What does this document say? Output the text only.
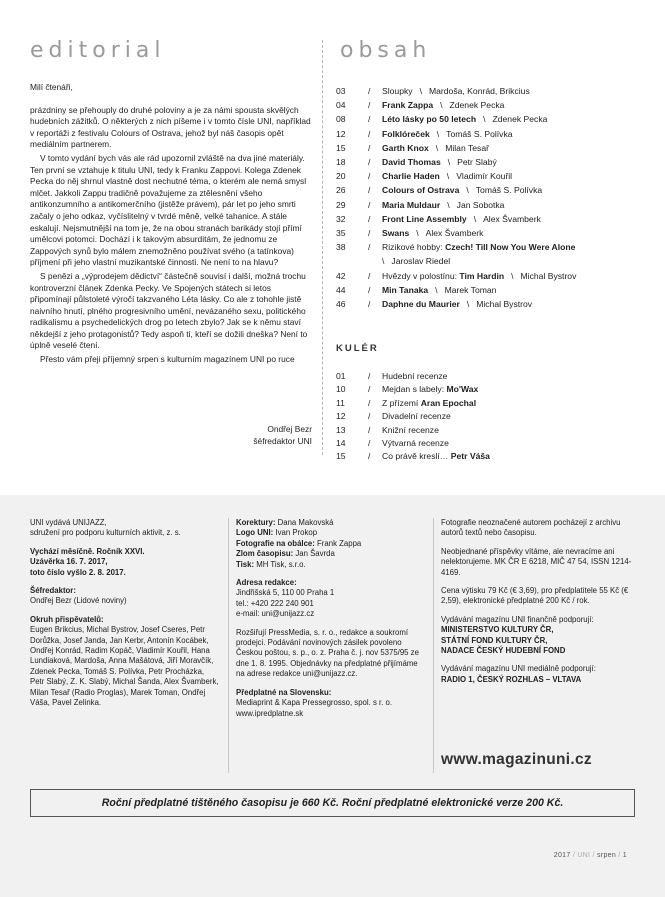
editorial	obsah

Milí čtenáři,

prázdniny se přehouply do druhé poloviny a je za námi spousta skvělých hudebních zážitků. O některých z nich píšeme i v tomto čísle UNI, například v reportáži z festivalu Colours of Ostrava, jehož byl náš časopis opět mediálním partnerem.

V tomto vydání bych vás ale rád upozornil zvláště na dva jiné materiály. Ten první se vztahuje k titulu UNI, tedy k Franku Zappovi. Kolega Zdenek Pecka do něj shrnul vlastně dost nechutné téma, o kterém ale nemá smysl mlčet. Jakkoli Zappu tradičně považujeme za ztělesnění všeho antikonzumního a antikomerčního (jistěže právem), pár let po jeho smrti začaly o jeho odkaz, vyčíslitelný v tvrdé měně, velké tahanice. A stále eskalují. Nejsmutnější na tom je, že na obou stranách barikády stojí přímí umělcovi potomci. Dochází i k takovým absurditám, že jednomu ze Zappových synů bylo málem znemožněno používat svého (a tatínkova) příjmení při jeho vlastní muzikantské činnosti. Ne není to na hlavu?

S penězi a „výprodejem dědictví“ částečně souvisí i další, možná trochu kontroverzní článek Zdenka Pecky. Ve Spojených státech si letos připomínají půlstoleté výročí takzvaného Léta lásky. Co ale z tohohle jistě naivního hnutí, plného progresivního umění, nevázaného sexu, politického radikalismu a psychedelických drog po letech zbylo? Jak se k němu staví někdejší z jeho protagonistů? Tedy aspoň ti, kteří se dožili dneška? Není to úplně veselé čtení.

Přesto vám přeji příjemný srpen s kulturním magazínem UNI po ruce

Ondřej Bezr
šéfredaktor UNI
03	/	Sloupky \ Mardoša, Konrád, Brikcius
04	/	Frank Zappa \ Zdenek Pecka
08	/	Léto lásky po 50 letech \ Zdenek Pecka
12	/	Folklóreček \ Tomáš S. Polívka
15	/	Garth Knox \ Milan Tesař
18	/	David Thomas \ Petr Slabý
20	/	Charlie Haden \ Vladimír Kouřil
26	/	Colours of Ostrava \ Tomáš S. Polívka
29	/	Maria Muldaur \ Jan Sobotka
32	/	Front Line Assembly \ Alex Švamberk
35	/	Swans \ Alex Švamberk
38	/	Rizikové hobby:
Czech! Till Now You Were Alone
\ Jaroslav Riedel
42	/	Hvězdy v polostínu:
Tim Hardin \ Michal Bystrov
44	/	Min Tanaka \ Marek Toman
46	/	Daphne du Maurier \ Michal Bystrov
KULÉR
01	/	Hudební recenze
10	/	Mejdan s labely:
Mo'Wax
11	/	Z přízemí
Aran Epochal
12	/	Divadelní recenze
13	/	Knižní recenze
14	/	Výtvarná recenze
15	/	Co právě kreslí…
Petr Váša

UNI vydává UNIJAZZ,
sdružení pro podporu kulturních aktivit, z. s.

Vychází měsíčně. Ročník XXVI.
Uzávěrka 16. 7. 2017,
toto číslo vyšlo 2. 8. 2017.

Šéfredaktor:
Ondřej Bezr (Lidové noviny)

Okruh přispěvatelů:
Eugen Brikcius, Michal Bystrov, Josef Cseres, Petr Dorůžka, Josef Janda, Jan Kerbr, Antonín Kocábek, Ondřej Konrád, Radim Kopáč, Vladimír Kouřil, Hana Lundiaková, Mardoša, Anna Mašátová, Jiří Moravčík, Zdenek Pecka, Tomáš S. Polívka, Petr Procházka, Petr Slabý, Z. K. Slabý, Michal Šanda, Alex Švamberk, Milan Tesař (Radio Proglas), Marek Toman, Ondřej Váša, Pavel Zelinka.

Korektury: Dana Makovská
Logo UNI: Ivan Prokop
Fotografie na obálce: Frank Zappa
Zlom časopisu: Jan Šavrda
Tisk: MH Tisk, s.r.o.

Adresa redakce:
Jindřišská 5, 110 00 Praha 1
tel.: +420 222 240 901
e-mail: uni@unijazz.cz

Rozšiřují PressMedia, s. r. o., redakce a soukromí prodejci. Podávání novinových zásilek povoleno Českou poštou, s. p., o. z. Praha č. j. nov 5375/95 ze dne 1. 8. 1995. Objednávky na předplatné přijímáme na adrese redakce uni@unijazz.cz.

Předplatné na Slovensku:
Mediaprint & Kapa Pressegrosso, spol. s r. o. www.ipredplatne.sk

Fotografie neoznačené autorem pocházejí z archivu autorů textů nebo časopisu.

Neobjednané příspěvky vítáme, ale nevracíme ani nelektorujeme. MK ČR E 6218, MIČ 47 54, ISSN 1214-4169.

Cena výtisku 79 Kč (€ 3,69), pro předplatitele 55 Kč (€ 2,59), elektronické předplatné 200 Kč / rok.

Vydávání magazínu UNI finančně podporují:
MINISTERSTVO KULTURY ČR,
STÁTNÍ FOND KULTURY ČR,
NADACE ČESKÝ HUDEBNÍ FOND

Vydávání magazínu UNI mediálně podporují:
RADIO 1, ČESKÝ ROZHLAS – VLTAVA

www.magazinuni.cz
Roční předplatné tištěného časopisu je 660 Kč. Roční předplatné elektronické verze 200 Kč.
2017 / UNI / srpen / 1
